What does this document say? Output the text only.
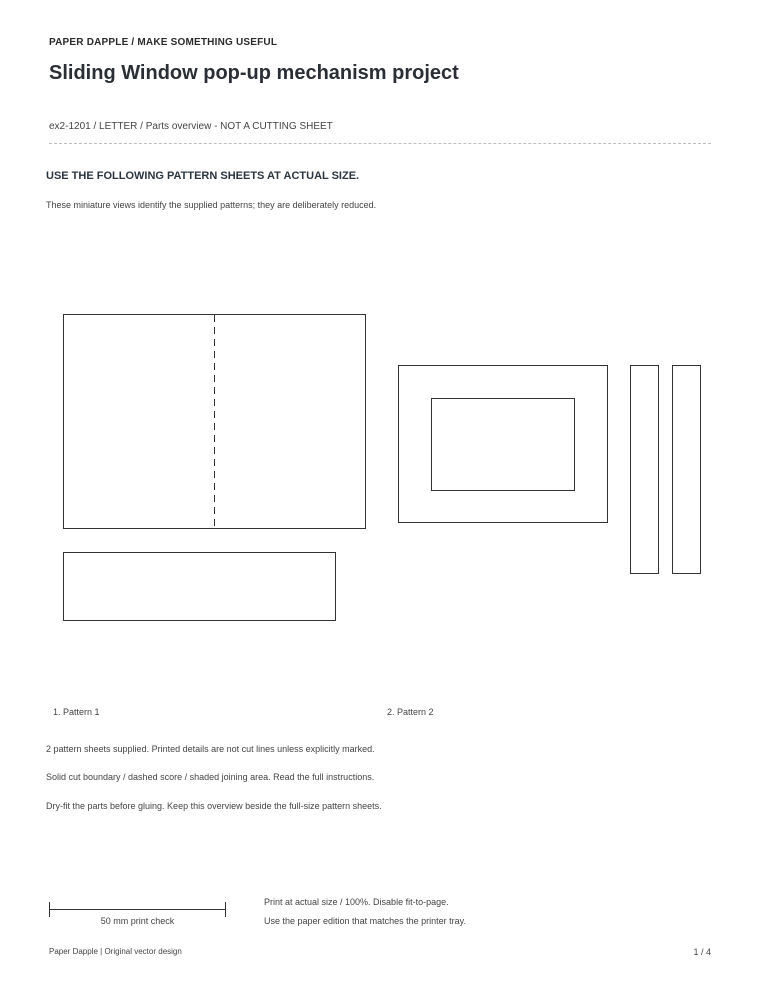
PAPER DAPPLE / MAKE SOMETHING USEFUL
Sliding Window pop-up mechanism project
ex2-1201 / LETTER / Parts overview - NOT A CUTTING SHEET
USE THE FOLLOWING PATTERN SHEETS AT ACTUAL SIZE.
These miniature views identify the supplied patterns; they are deliberately reduced.
1. Pattern 1	2. Pattern 2
2 pattern sheets supplied. Printed details are not cut lines unless explicitly marked.
Solid cut boundary / dashed score / shaded joining area. Read the full instructions.
Dry-fit the parts before gluing. Keep this overview beside the full-size pattern sheets.
50 mm print check
Print at actual size / 100%. Disable fit-to-page.
Use the paper edition that matches the printer tray.
Paper Dapple | Original vector design	1 / 4
